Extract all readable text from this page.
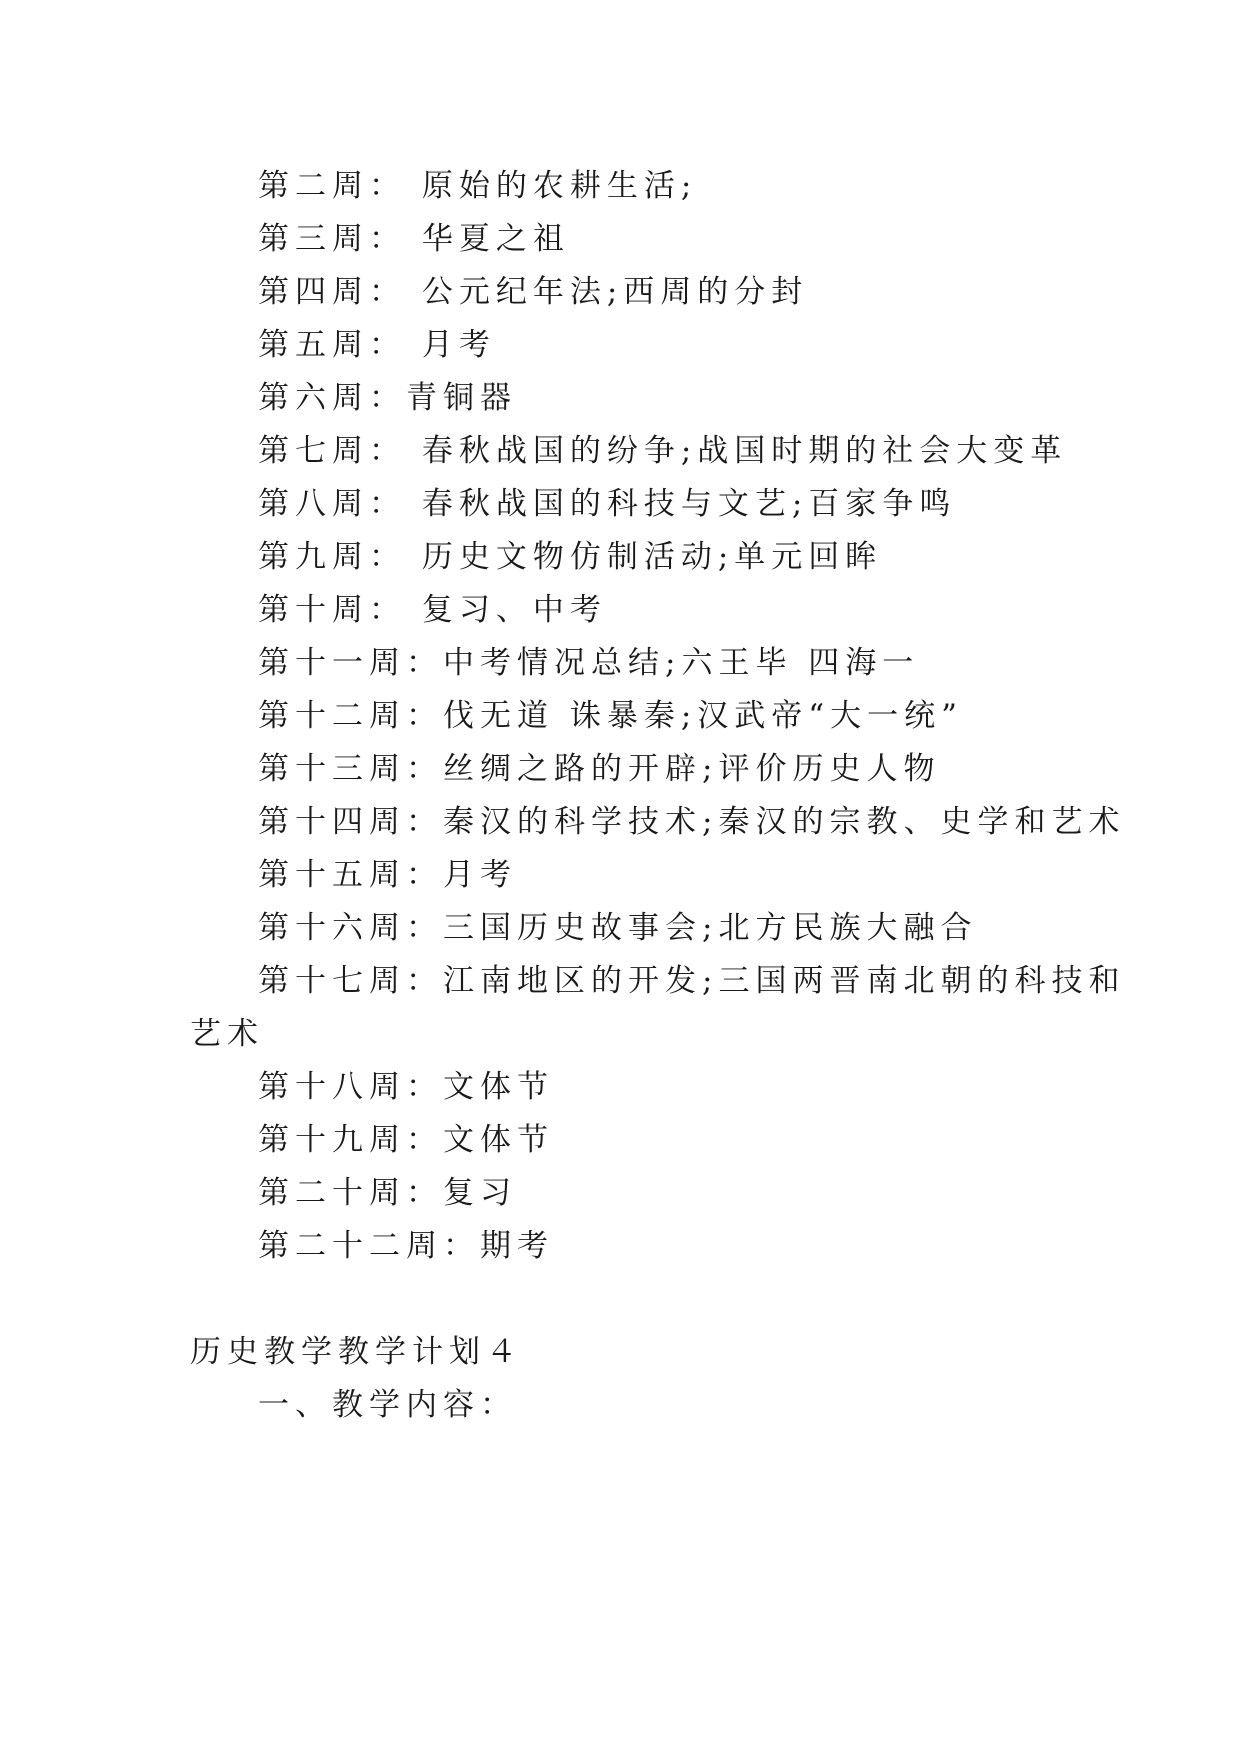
第二周： 原始的农耕生活;
第三周： 华夏之祖
第四周： 公元纪年法;西周的分封
第五周： 月考
第六周：青铜器
第七周： 春秋战国的纷争;战国时期的社会大变革
第八周： 春秋战国的科技与文艺;百家争鸣
第九周： 历史文物仿制活动;单元回眸
第十周： 复习、中考
第十一周：中考情况总结;六王毕 四海一
第十二周：伐无道 诛暴秦;汉武帝“大一统”
第十三周：丝绸之路的开辟;评价历史人物
第十四周：秦汉的科学技术;秦汉的宗教、史学和艺术
第十五周：月考
第十六周：三国历史故事会;北方民族大融合
第十七周：江南地区的开发;三国两晋南北朝的科技和
艺术
第十八周：文体节
第十九周：文体节
第二十周：复习
第二十二周：期考
历史教学教学计划４
一、教学内容：
